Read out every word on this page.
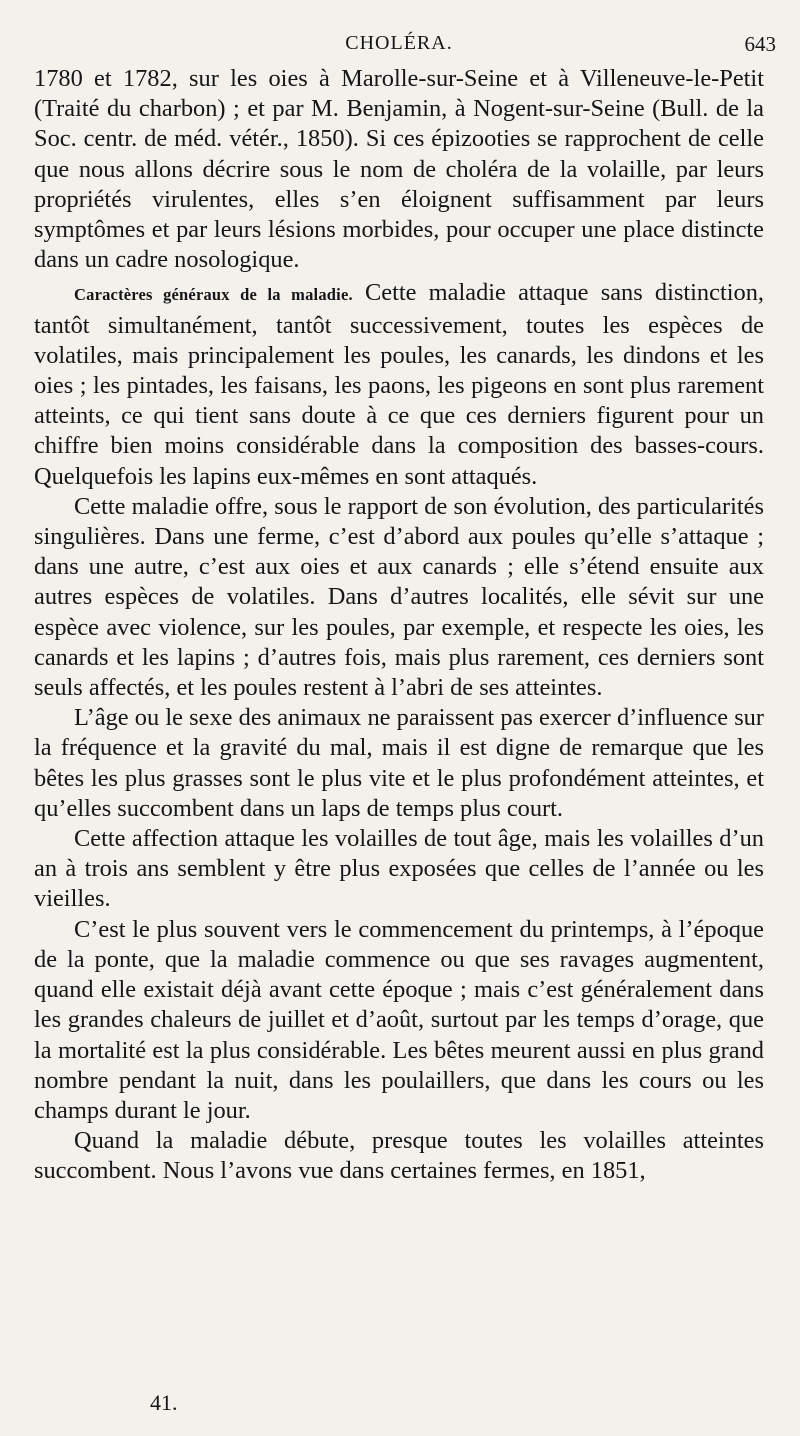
CHOLÉRA.	643

1780 et 1782, sur les oies à Marolle-sur-Seine et à Villeneuve-le-Petit (Traité du charbon) ; et par M. Benjamin, à Nogent-sur-Seine (Bull. de la Soc. centr. de méd. vétér., 1850). Si ces épizooties se rapprochent de celle que nous allons décrire sous le nom de choléra de la volaille, par leurs propriétés virulentes, elles s’en éloignent suffisamment par leurs symptômes et par leurs lésions morbides, pour occuper une place distincte dans un cadre nosologique.

Caractères généraux de la maladie. Cette maladie attaque sans distinction, tantôt simultanément, tantôt successivement, toutes les espèces de volatiles, mais principalement les poules, les canards, les dindons et les oies ; les pintades, les faisans, les paons, les pigeons en sont plus rarement atteints, ce qui tient sans doute à ce que ces derniers figurent pour un chiffre bien moins considérable dans la composition des basses-cours. Quelquefois les lapins eux-mêmes en sont attaqués.

Cette maladie offre, sous le rapport de son évolution, des particularités singulières. Dans une ferme, c’est d’abord aux poules qu’elle s’attaque ; dans une autre, c’est aux oies et aux canards ; elle s’étend ensuite aux autres espèces de volatiles. Dans d’autres localités, elle sévit sur une espèce avec violence, sur les poules, par exemple, et respecte les oies, les canards et les lapins ; d’autres fois, mais plus rarement, ces derniers sont seuls affectés, et les poules restent à l’abri de ses atteintes.

L’âge ou le sexe des animaux ne paraissent pas exercer d’influence sur la fréquence et la gravité du mal, mais il est digne de remarque que les bêtes les plus grasses sont le plus vite et le plus profondément atteintes, et qu’elles succombent dans un laps de temps plus court.

Cette affection attaque les volailles de tout âge, mais les volailles d’un an à trois ans semblent y être plus exposées que celles de l’année ou les vieilles.

C’est le plus souvent vers le commencement du printemps, à l’époque de la ponte, que la maladie commence ou que ses ravages augmentent, quand elle existait déjà avant cette époque ; mais c’est généralement dans les grandes chaleurs de juillet et d’août, surtout par les temps d’orage, que la mortalité est la plus considérable. Les bêtes meurent aussi en plus grand nombre pendant la nuit, dans les poulaillers, que dans les cours ou les champs durant le jour.

Quand la maladie débute, presque toutes les volailles atteintes succombent. Nous l’avons vue dans certaines fermes, en 1851,

41.
